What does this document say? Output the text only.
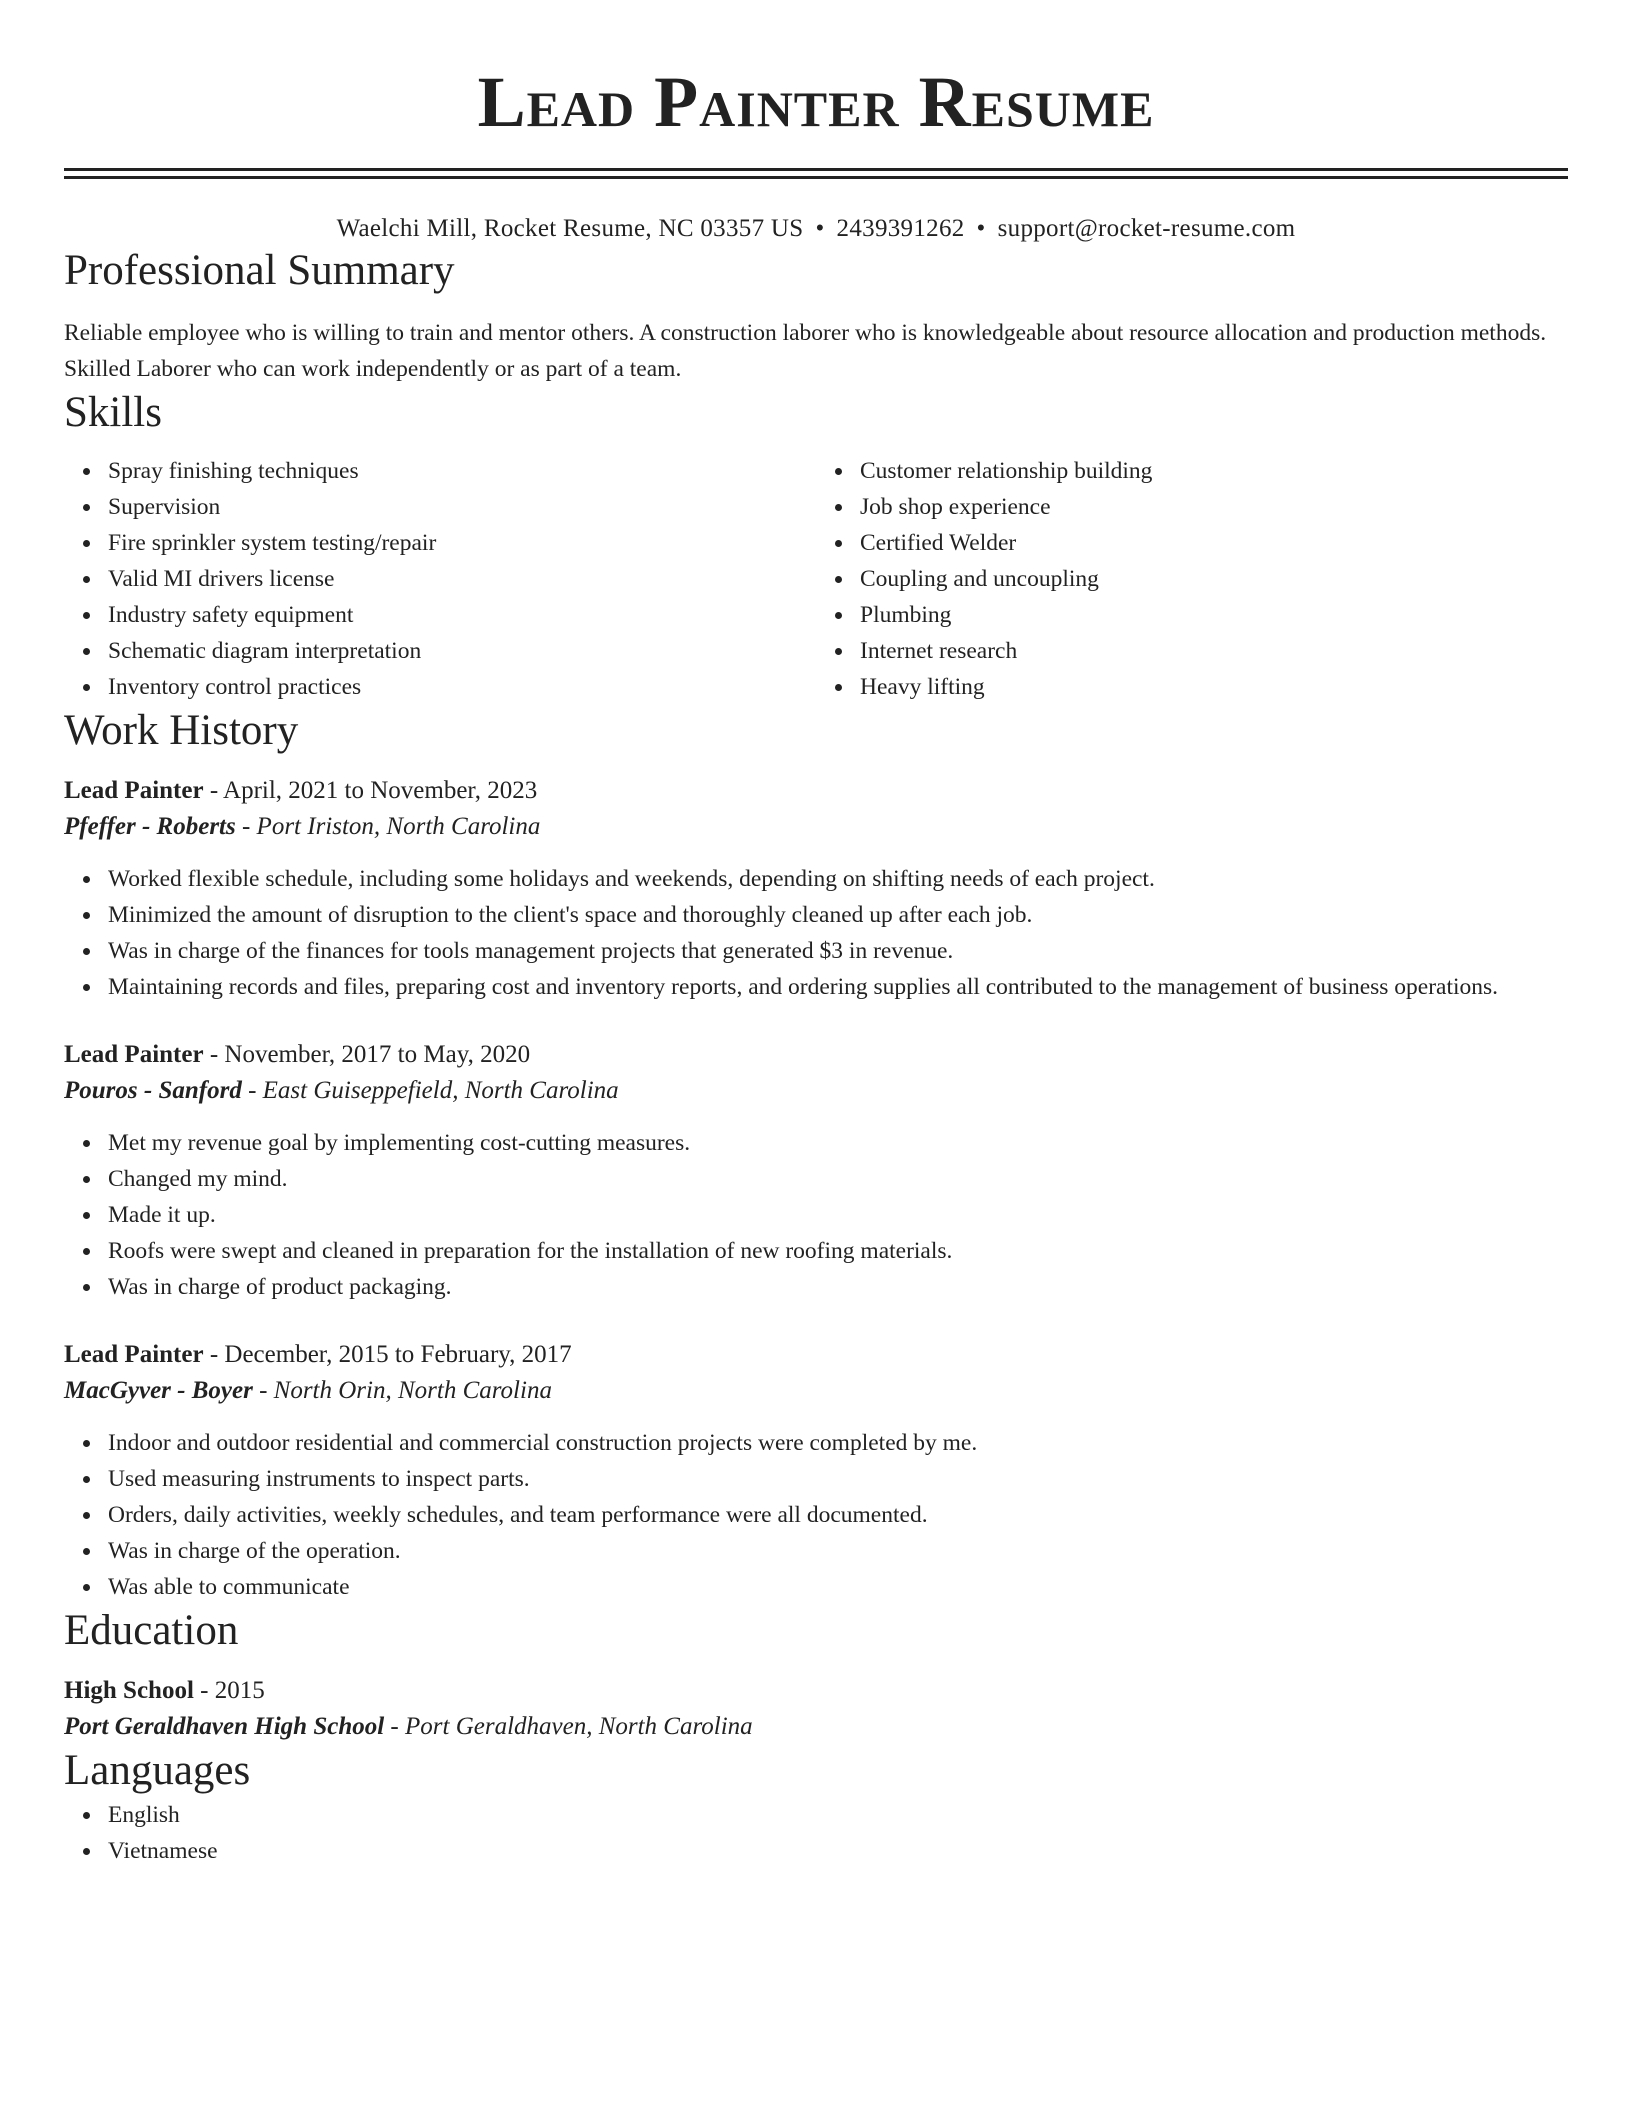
Lead Painter Resume
Waelchi Mill, Rocket Resume, NC 03357 US • 2439391262 • support@rocket-resume.com
Professional Summary

Reliable employee who is willing to train and mentor others. A construction laborer who is knowledgeable about resource allocation and production methods. Skilled Laborer who can work independently or as part of a team.

Skills
Spray finishing techniques
Supervision
Fire sprinkler system testing/repair
Valid MI drivers license
Industry safety equipment
Schematic diagram interpretation
Inventory control practices
Customer relationship building
Job shop experience
Certified Welder
Coupling and uncoupling
Plumbing
Internet research
Heavy lifting
Work History
Lead Painter - April, 2021 to November, 2023
Pfeffer - Roberts - Port Iriston, North Carolina
Worked flexible schedule, including some holidays and weekends, depending on shifting needs of each project.
Minimized the amount of disruption to the client's space and thoroughly cleaned up after each job.
Was in charge of the finances for tools management projects that generated $3 in revenue.
Maintaining records and files, preparing cost and inventory reports, and ordering supplies all contributed to the management of business operations.
Lead Painter - November, 2017 to May, 2020
Pouros - Sanford - East Guiseppefield, North Carolina
Met my revenue goal by implementing cost-cutting measures.
Changed my mind.
Made it up.
Roofs were swept and cleaned in preparation for the installation of new roofing materials.
Was in charge of product packaging.
Lead Painter - December, 2015 to February, 2017
MacGyver - Boyer - North Orin, North Carolina
Indoor and outdoor residential and commercial construction projects were completed by me.
Used measuring instruments to inspect parts.
Orders, daily activities, weekly schedules, and team performance were all documented.
Was in charge of the operation.
Was able to communicate
Education
High School - 2015
Port Geraldhaven High School - Port Geraldhaven, North Carolina
Languages
English
Vietnamese
